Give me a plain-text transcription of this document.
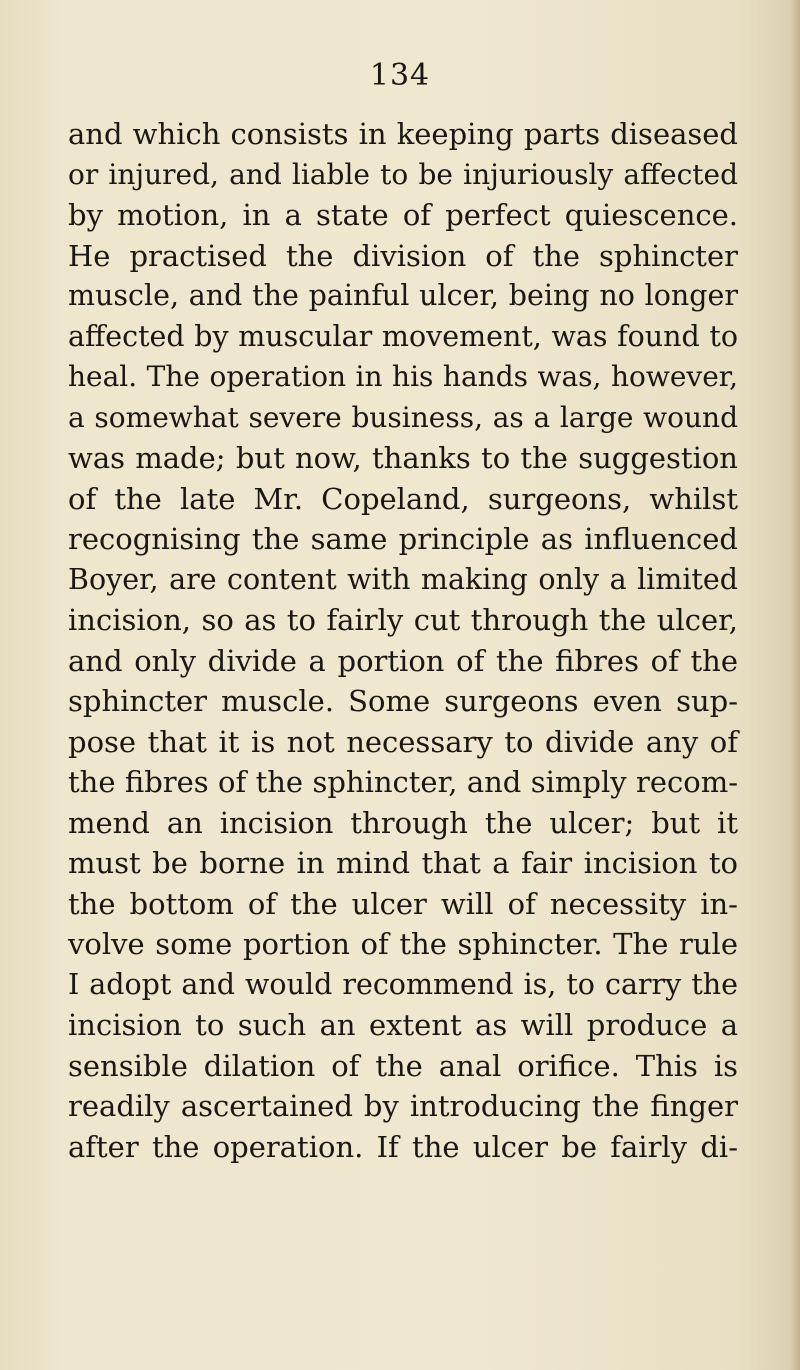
134
and which consists in keeping parts diseased
or injured, and liable to be injuriously affected
by motion, in a state of perfect quiescence.
He practised the division of the sphincter
muscle, and the painful ulcer, being no longer
affected by muscular movement, was found to
heal. The operation in his hands was, however,
a somewhat severe business, as a large wound
was made; but now, thanks to the suggestion
of the late Mr. Copeland, surgeons, whilst
recognising the same principle as influenced
Boyer, are content with making only a limited
incision, so as to fairly cut through the ulcer,
and only divide a portion of the fibres of the
sphincter muscle. Some surgeons even sup-
pose that it is not necessary to divide any of
the fibres of the sphincter, and simply recom-
mend an incision through the ulcer; but it
must be borne in mind that a fair incision to
the bottom of the ulcer will of necessity in-
volve some portion of the sphincter. The rule
I adopt and would recommend is, to carry the
incision to such an extent as will produce a
sensible dilation of the anal orifice. This is
readily ascertained by introducing the finger
after the operation. If the ulcer be fairly di-
